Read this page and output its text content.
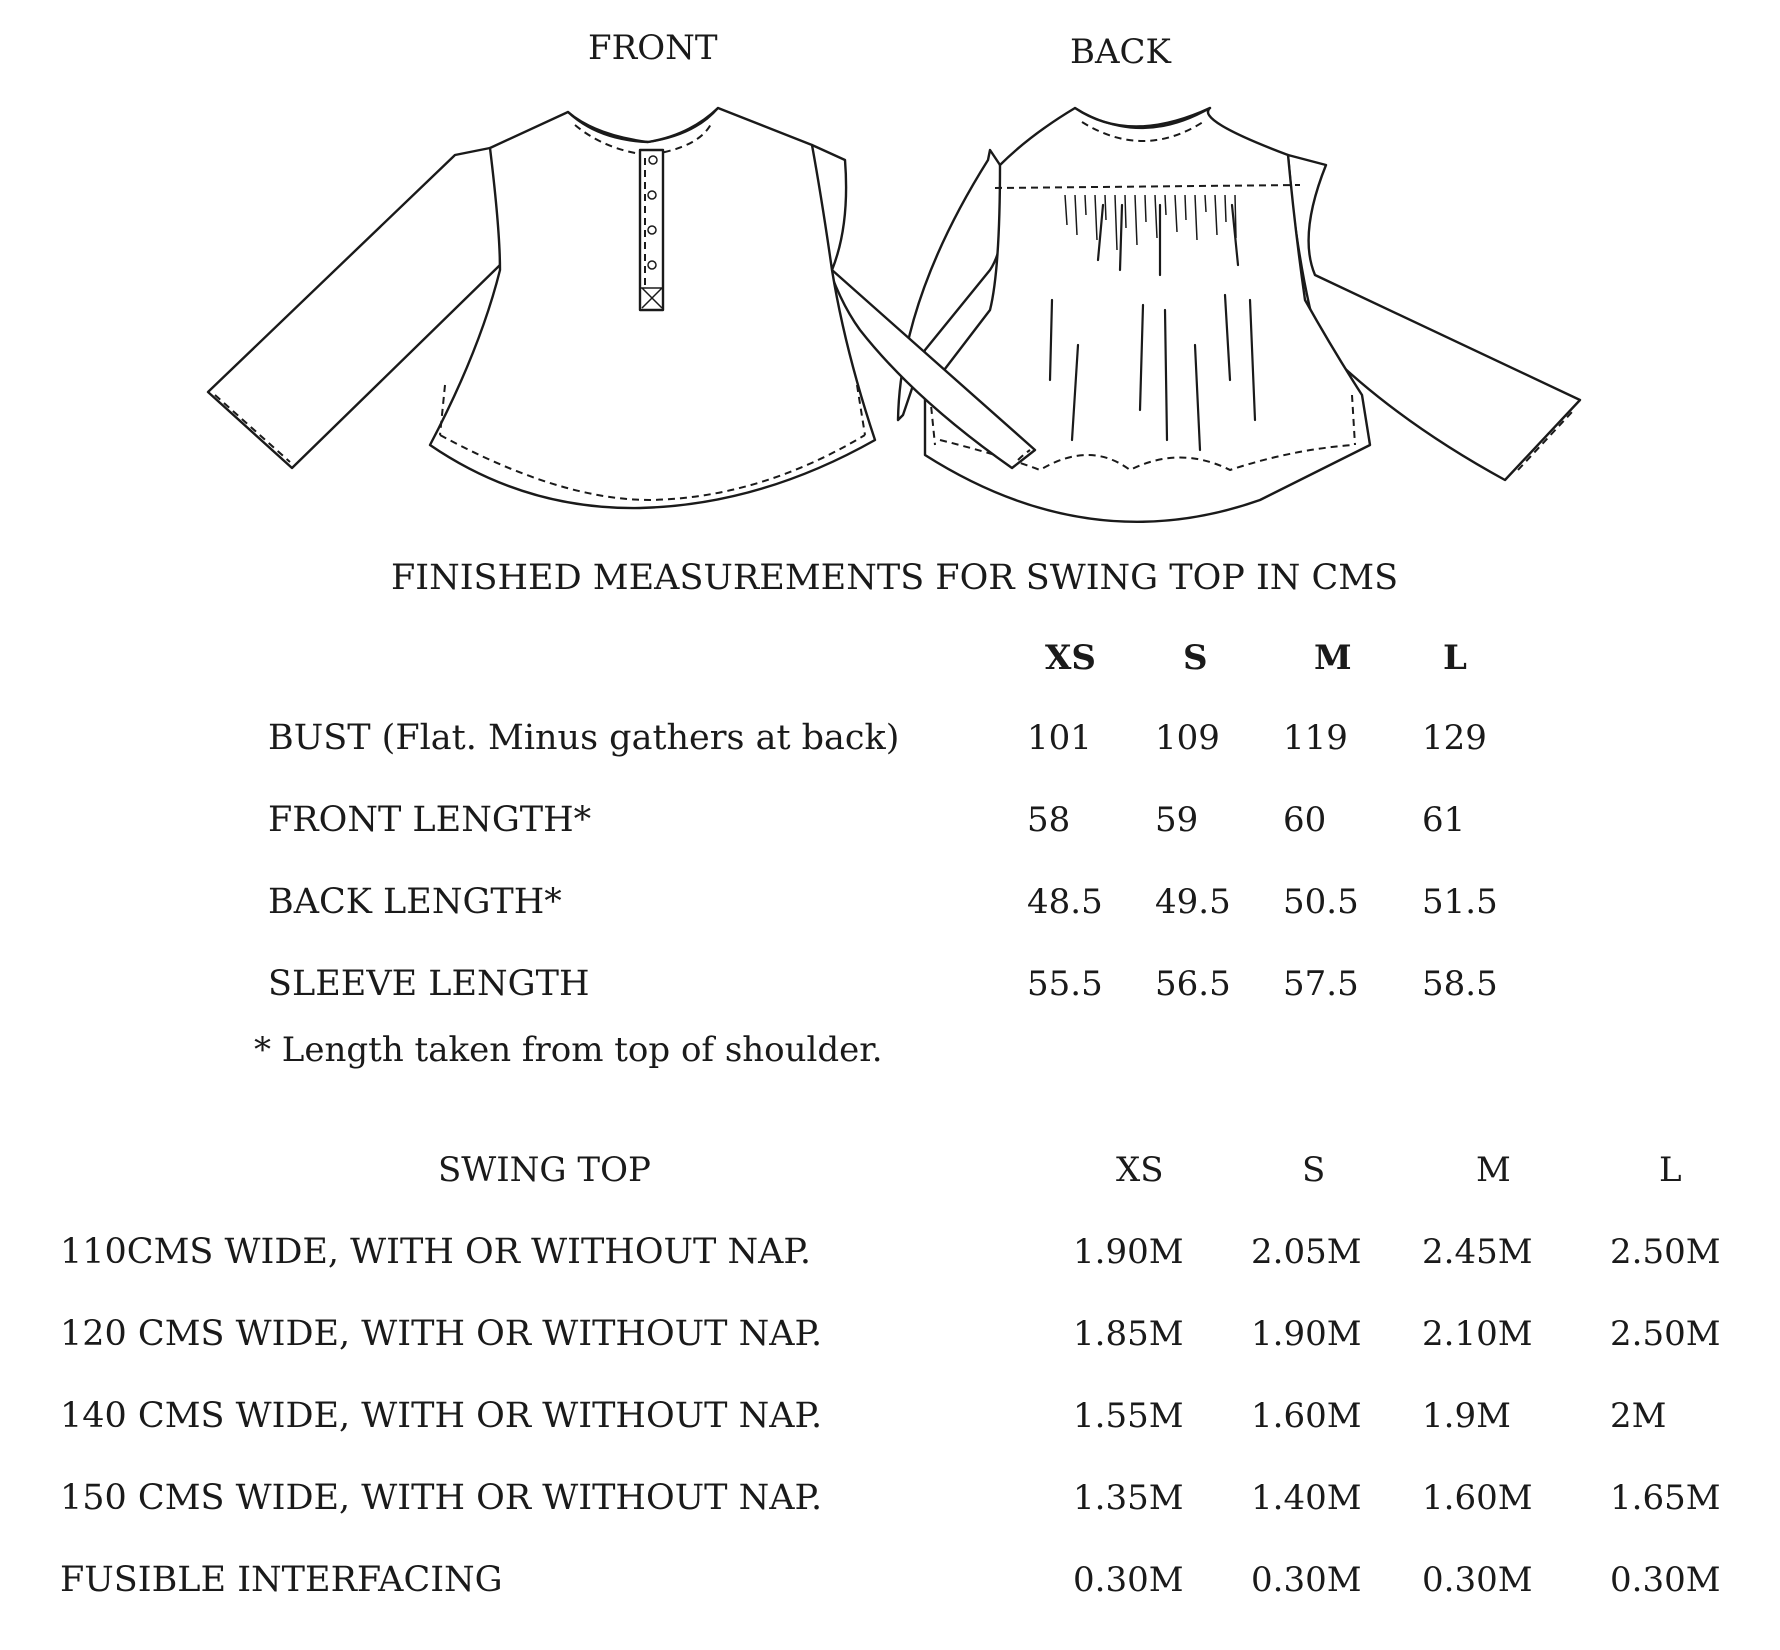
FRONT	BACK
FINISHED MEASUREMENTS FOR SWING TOP IN CMS
XS	S	M	L
BUST (Flat. Minus gathers at back)	101 109 119 129
FRONT LENGTH*	58 59 60	61
BACK LENGTH*	48.5 49.5 50.5 51.5
SLEEVE LENGTH	55.5 56.5 57.5 58.5
* Length taken from top of shoulder.
SWING TOP	XS	S	M	L
110CMS WIDE, WITH OR WITHOUT NAP.	1.90M 2.05M 2.45M 2.50M
120 CMS WIDE, WITH OR WITHOUT NAP.	1.85M 1.90M 2.10M 2.50M
140 CMS WIDE, WITH OR WITHOUT NAP.	1.55M 1.60M 1.9M	2M
150 CMS WIDE, WITH OR WITHOUT NAP.	1.35M 1.40M 1.60M 1.65M
FUSIBLE INTERFACING	0.30M 0.30M 0.30M 0.30M
